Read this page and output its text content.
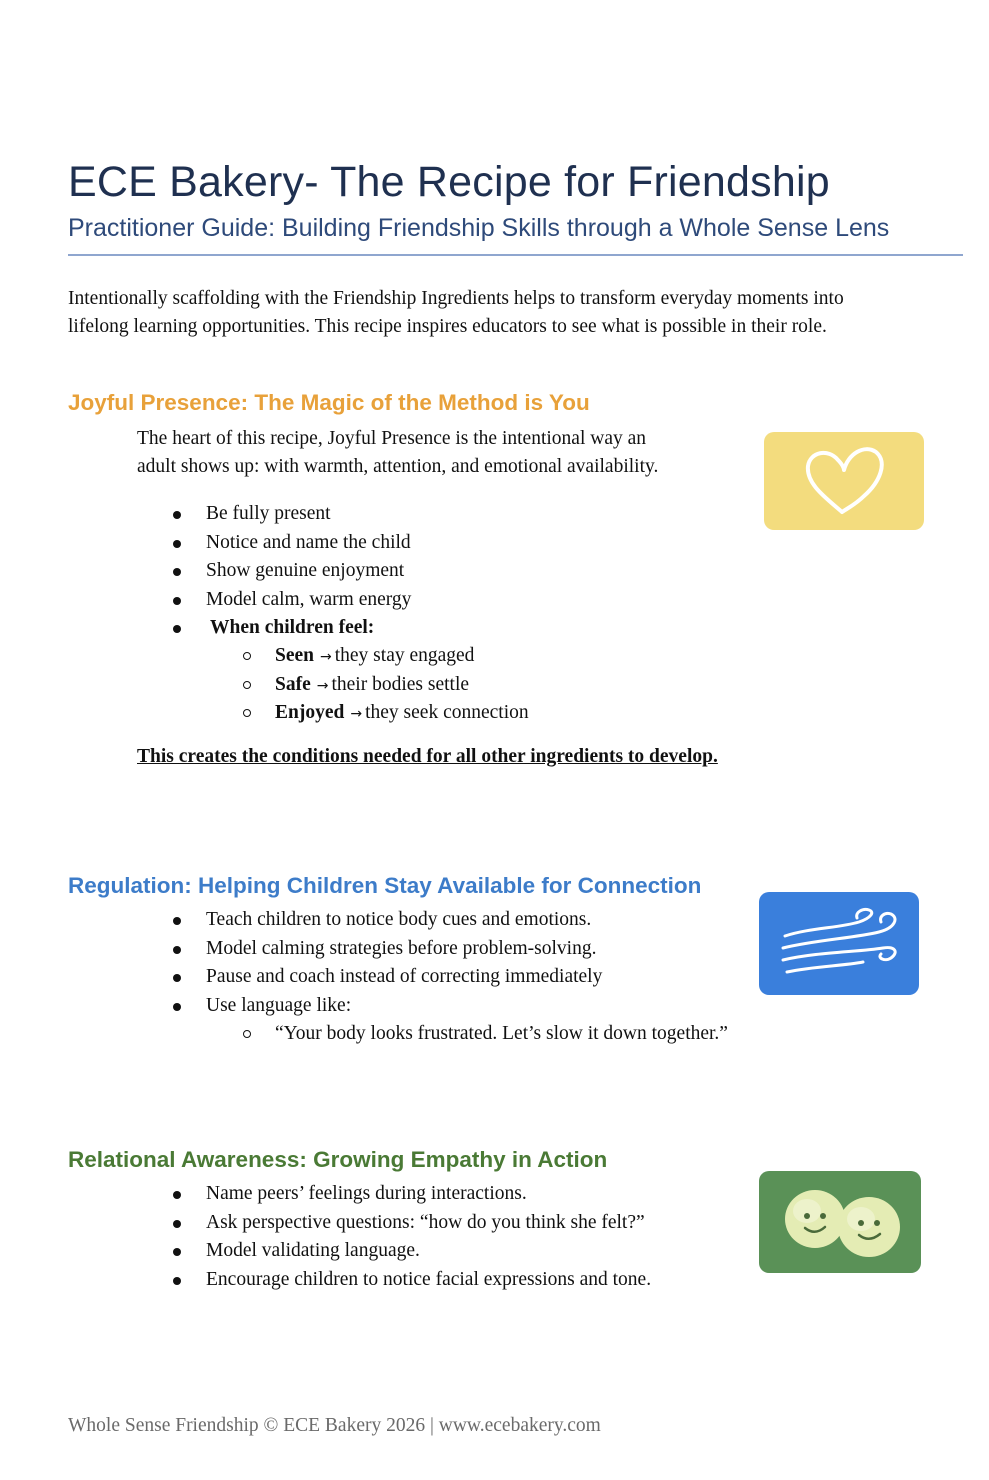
ECE Bakery- The Recipe for Friendship
Practitioner Guide: Building Friendship Skills through a Whole Sense Lens

Intentionally scaffolding with the Friendship Ingredients helps to transform everyday moments into

lifelong learning opportunities. This recipe inspires educators to see what is possible in their role.

Joyful Presence: The Magic of the Method is You

The heart of this recipe, Joyful Presence is the intentional way an

adult shows up: with warmth, attention, and emotional availability.

Be fully present
Notice and name the child
Show genuine enjoyment
Model calm, warm energy
When children feel:
Seen → they stay engaged
Safe → their bodies settle
Enjoyed → they seek connection
This creates the conditions needed for all other ingredients to develop.
Regulation: Helping Children Stay Available for Connection
Teach children to notice body cues and emotions.
Model calming strategies before problem-solving.
Pause and coach instead of correcting immediately
Use language like:
“Your body looks frustrated. Let’s slow it down together.”
Relational Awareness: Growing Empathy in Action
Name peers’ feelings during interactions.
Ask perspective questions: “how do you think she felt?”
Model validating language.
Encourage children to notice facial expressions and tone.
Whole Sense Friendship © ECE Bakery 2026 | www.ecebakery.com
